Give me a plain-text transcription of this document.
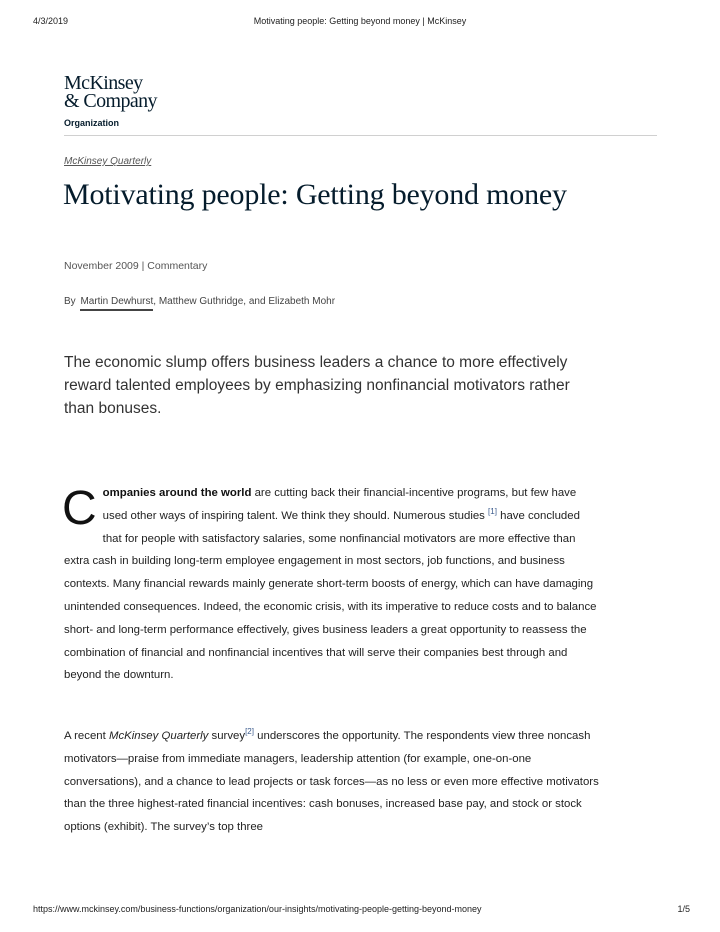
4/3/2019	Motivating people: Getting beyond money | McKinsey
McKinsey
& Company
Organization
McKinsey Quarterly
Motivating people: Getting beyond money
November 2009 | Commentary
By Martin Dewhurst, Matthew Guthridge, and Elizabeth Mohr

The economic slump offers business leaders a chance to more effectively reward talented employees by emphasizing nonfinancial motivators rather than bonuses.

Companies around the world are cutting back their financial-incentive programs, but few have used other ways of inspiring talent. We think they should. Numerous studies [1] have concluded that for people with satisfactory salaries, some nonfinancial motivators are more effective than extra cash in building long-term employee engagement in most sectors, job functions, and business contexts. Many financial rewards mainly generate short-term boosts of energy, which can have damaging unintended consequences. Indeed, the economic crisis, with its imperative to reduce costs and to balance short- and long-term performance effectively, gives business leaders a great opportunity to reassess the combination of financial and nonfinancial incentives that will serve their companies best through and beyond the downturn.

A recent McKinsey Quarterly survey[2] underscores the opportunity. The respondents view three noncash motivators—praise from immediate managers, leadership attention (for example, one-on-one conversations), and a chance to lead projects or task forces—as no less or even more effective motivators than the three highest-rated financial incentives: cash bonuses, increased base pay, and stock or stock options (exhibit). The survey’s top three

https://www.mckinsey.com/business-functions/organization/our-insights/motivating-people-getting-beyond-money	1/5
